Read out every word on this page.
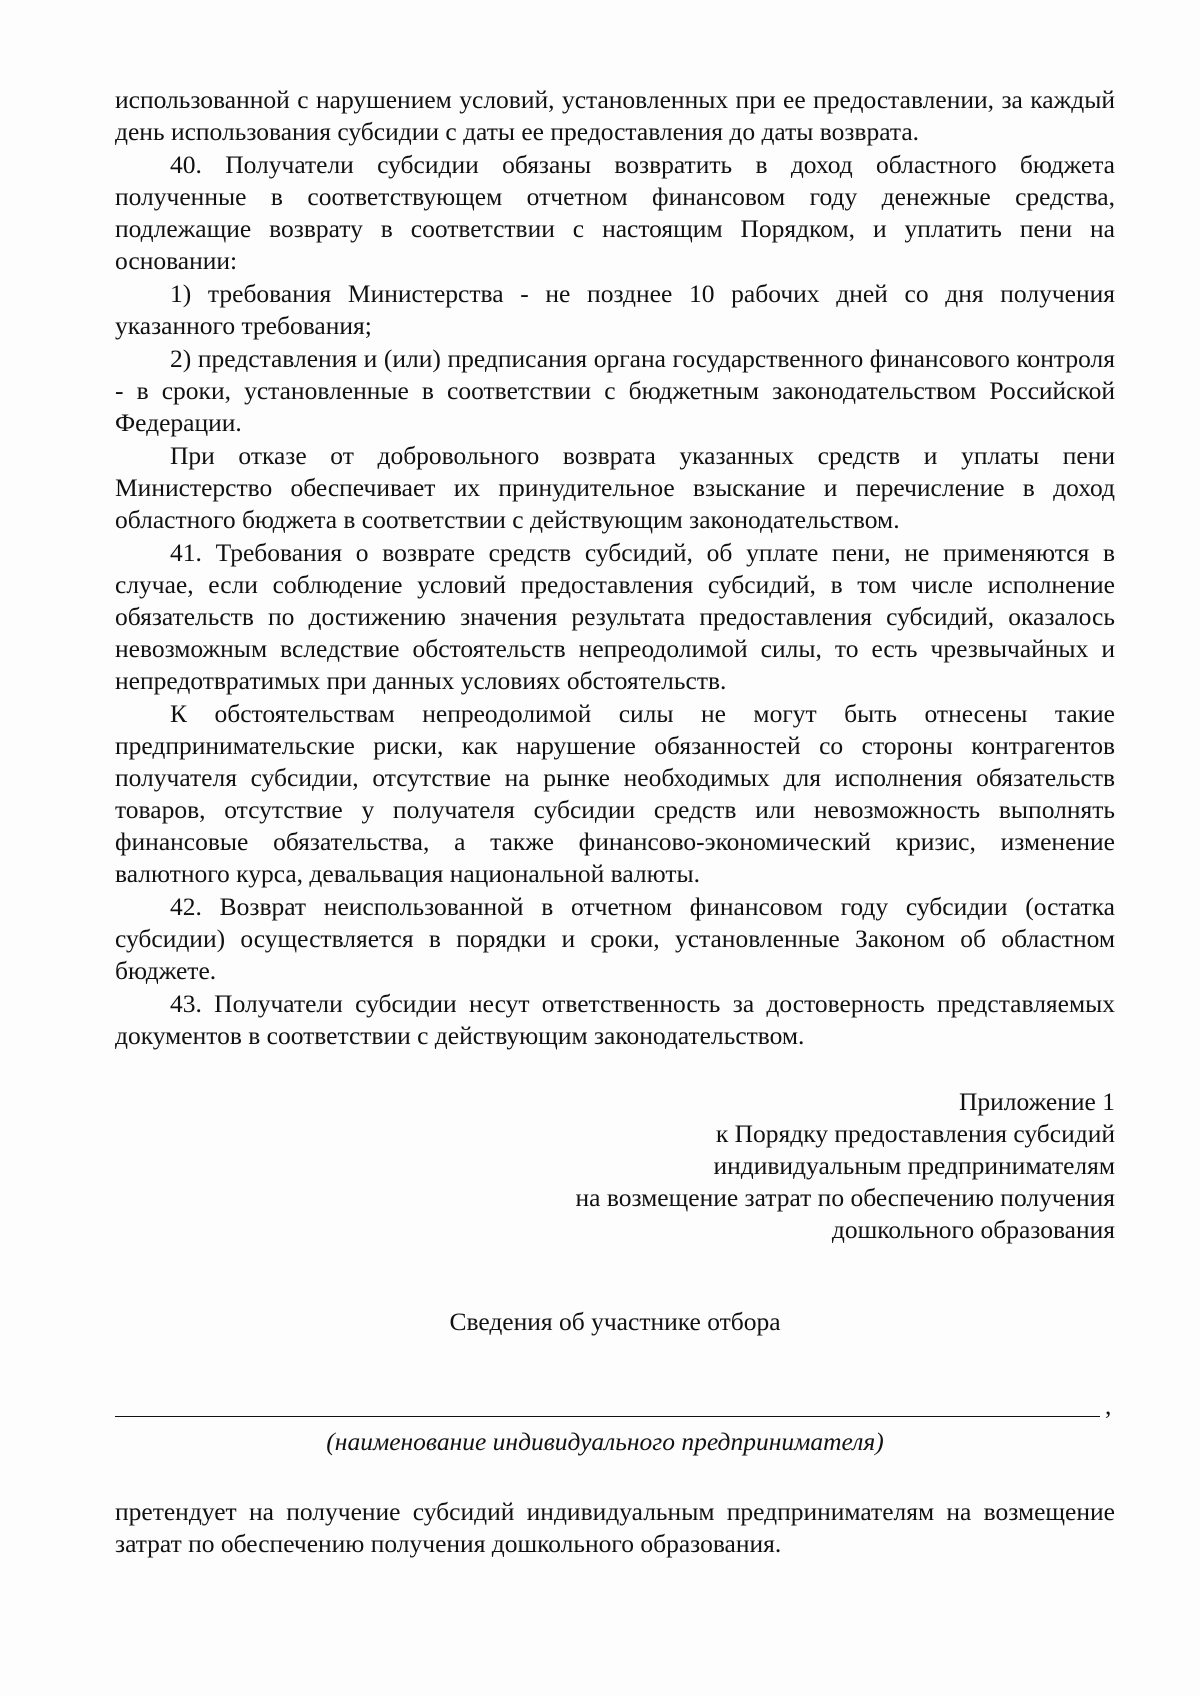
использованной с нарушением условий, установленных при ее предоставлении, за каждый день использования субсидии с даты ее предоставления до даты возврата.

40. Получатели субсидии обязаны возвратить в доход областного бюджета полученные в соответствующем отчетном финансовом году денежные средства, подлежащие возврату в соответствии с настоящим Порядком, и уплатить пени на основании:

1) требования Министерства - не позднее 10 рабочих дней со дня получения указанного требования;

2) представления и (или) предписания органа государственного финансового контроля - в сроки, установленные в соответствии с бюджетным законодательством Российской Федерации.

При отказе от добровольного возврата указанных средств и уплаты пени Министерство обеспечивает их принудительное взыскание и перечисление в доход областного бюджета в соответствии с действующим законодательством.

41. Требования о возврате средств субсидий, об уплате пени, не применяются в случае, если соблюдение условий предоставления субсидий, в том числе исполнение обязательств по достижению значения результата предоставления субсидий, оказалось невозможным вследствие обстоятельств непреодолимой силы, то есть чрезвычайных и непредотвратимых при данных условиях обстоятельств.

К обстоятельствам непреодолимой силы не могут быть отнесены такие предпринимательские риски, как нарушение обязанностей со стороны контрагентов получателя субсидии, отсутствие на рынке необходимых для исполнения обязательств товаров, отсутствие у получателя субсидии средств или невозможность выполнять финансовые обязательства, а также финансово-экономический кризис, изменение валютного курса, девальвация национальной валюты.

42. Возврат неиспользованной в отчетном финансовом году субсидии (остатка субсидии) осуществляется в порядки и сроки, установленные Законом об областном бюджете.

43. Получатели субсидии несут ответственность за достоверность представляемых документов в соответствии с действующим законодательством.

Приложение 1
к Порядку предоставления субсидий
индивидуальным предпринимателям
на возмещение затрат по обеспечению получения
дошкольного образования
Сведения об участнике отбора
,
(наименование индивидуального предпринимателя)

претендует на получение субсидий индивидуальным предпринимателям на возмещение затрат по обеспечению получения дошкольного образования.
